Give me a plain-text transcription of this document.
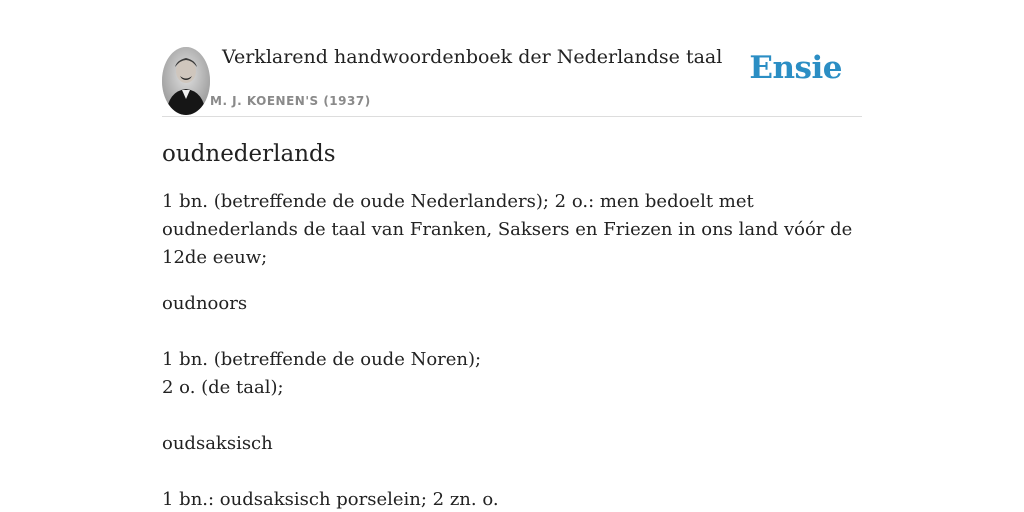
Verklarend handwoordenboek der Nederlandse taal
M. J. KOENEN'S (1937)
Ensie
oudnederlands

1 bn. (betreffende de oude Nederlanders); 2 o.: men bedoelt met oudnederlands de taal van Franken, Saksers en Friezen in ons land vóór de 12de eeuw;

oudnoors
1 bn. (betreffende de oude Noren);
2 o. (de taal);
oudsaksisch
1 bn.: oudsaksisch porselein; 2 zn. o.
